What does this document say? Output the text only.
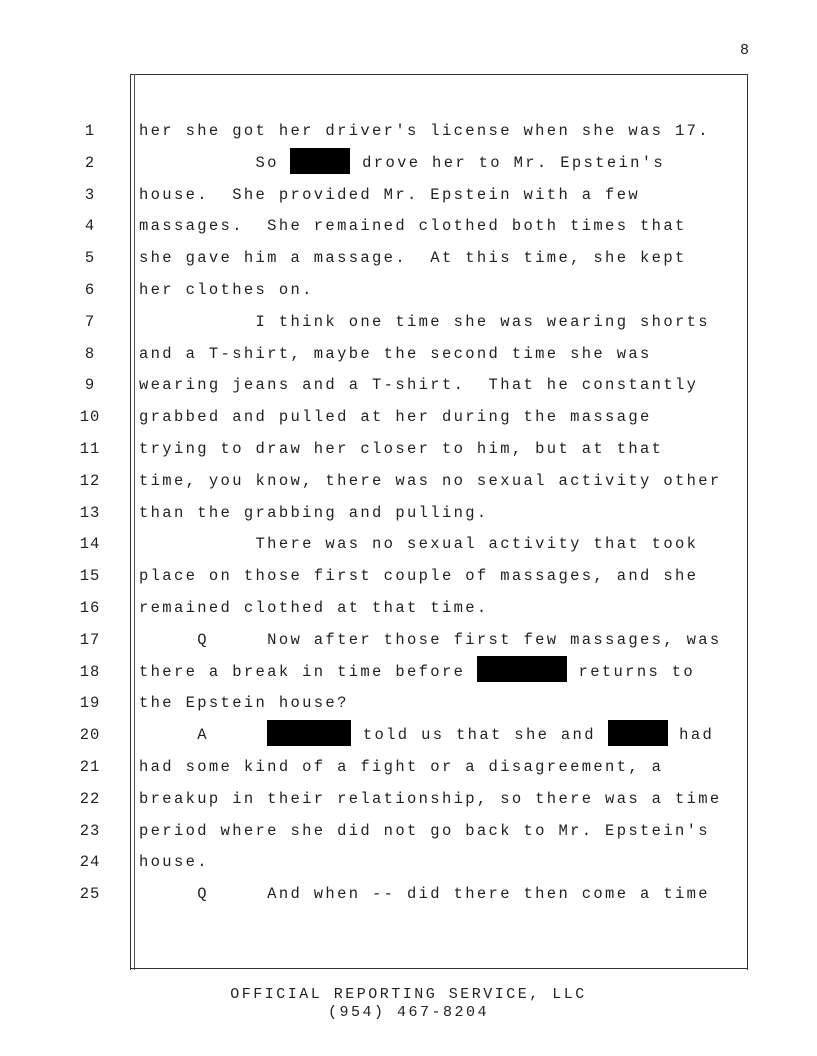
8
1	her she got her driver's license when she was 17.
2	So	drove her to Mr. Epstein's
3	house.  She provided Mr. Epstein with a few
4	massages.  She remained clothed both times that
5	she gave him a massage.  At this time, she kept
6	her clothes on.
7	I think one time she was wearing shorts
8	and a T-shirt, maybe the second time she was
9	wearing jeans and a T-shirt.  That he constantly
10	grabbed and pulled at her during the massage
11	trying to draw her closer to him, but at that
12	time, you know, there was no sexual activity other
13	than the grabbing and pulling.
14	There was no sexual activity that took
15	place on those first couple of massages, and she
16	remained clothed at that time.
17	Q     Now after those first few massages, was
18	there a break in time before	returns to
19	the Epstein house?
20	A	told us that she and	had
21	had some kind of a fight or a disagreement, a
22	breakup in their relationship, so there was a time
23	period where she did not go back to Mr. Epstein's
24	house.
25	Q     And when -- did there then come a time
OFFICIAL REPORTING SERVICE, LLC
(954) 467-8204
